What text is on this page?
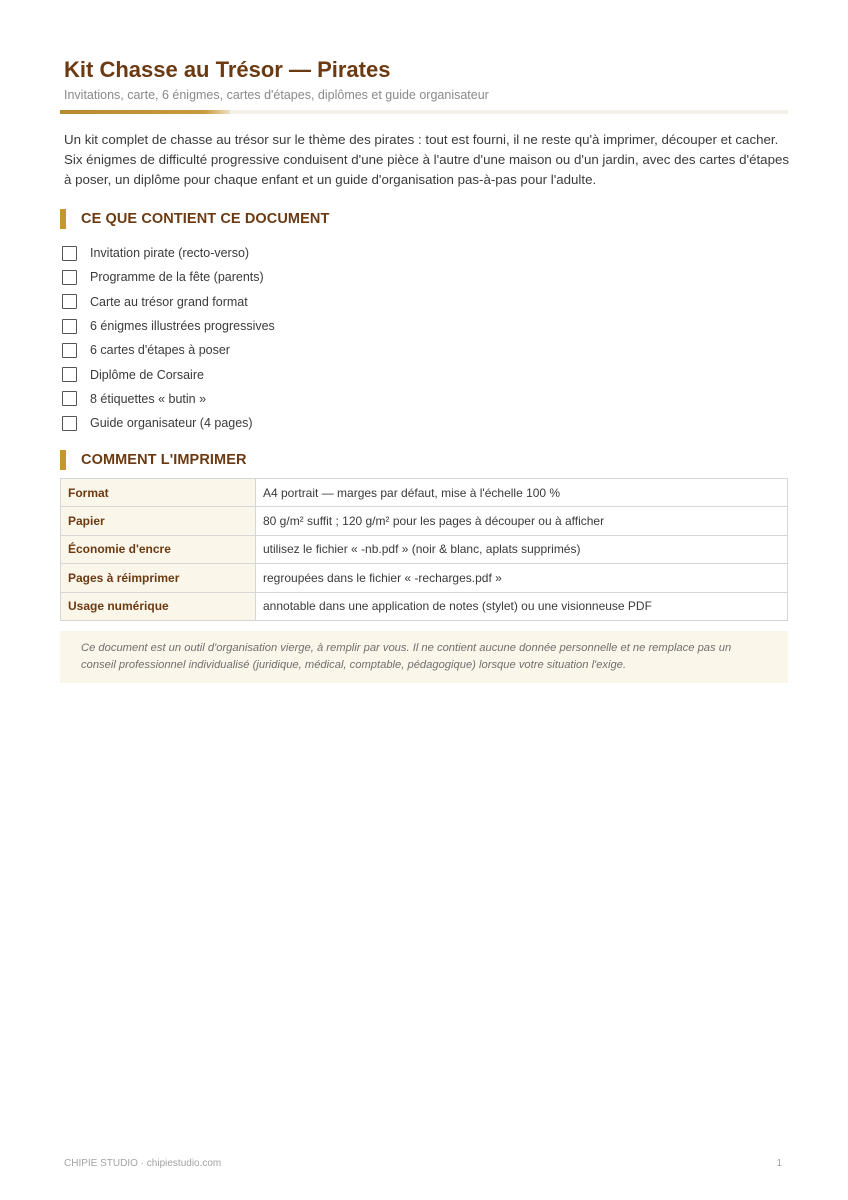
Kit Chasse au Trésor — Pirates
Invitations, carte, 6 énigmes, cartes d'étapes, diplômes et guide organisateur

Un kit complet de chasse au trésor sur le thème des pirates : tout est fourni, il ne reste qu'à imprimer, découper et cacher. Six énigmes de difficulté progressive conduisent d'une pièce à l'autre d'une maison ou d'un jardin, avec des cartes d'étapes à poser, un diplôme pour chaque enfant et un guide d'organisation pas-à-pas pour l'adulte.

CE QUE CONTIENT CE DOCUMENT
Invitation pirate (recto-verso)
Programme de la fête (parents)
Carte au trésor grand format
6 énigmes illustrées progressives
6 cartes d'étapes à poser
Diplôme de Corsaire
8 étiquettes « butin »
Guide organisateur (4 pages)
COMMENT L'IMPRIMER
Format	A4 portrait — marges par défaut, mise à l'échelle 100 %
Papier	80 g/m² suffit ; 120 g/m² pour les pages à découper ou à afficher
Économie d'encre	utilisez le fichier « -nb.pdf » (noir & blanc, aplats supprimés)
Pages à réimprimer	regroupées dans le fichier « -recharges.pdf »
Usage numérique	annotable dans une application de notes (stylet) ou une visionneuse PDF
Ce document est un outil d'organisation vierge, à remplir par vous. Il ne contient aucune donnée personnelle et ne remplace pas un conseil professionnel individualisé (juridique, médical, comptable, pédagogique) lorsque votre situation l'exige.
CHIPIE STUDIO · chipiestudio.com	1
